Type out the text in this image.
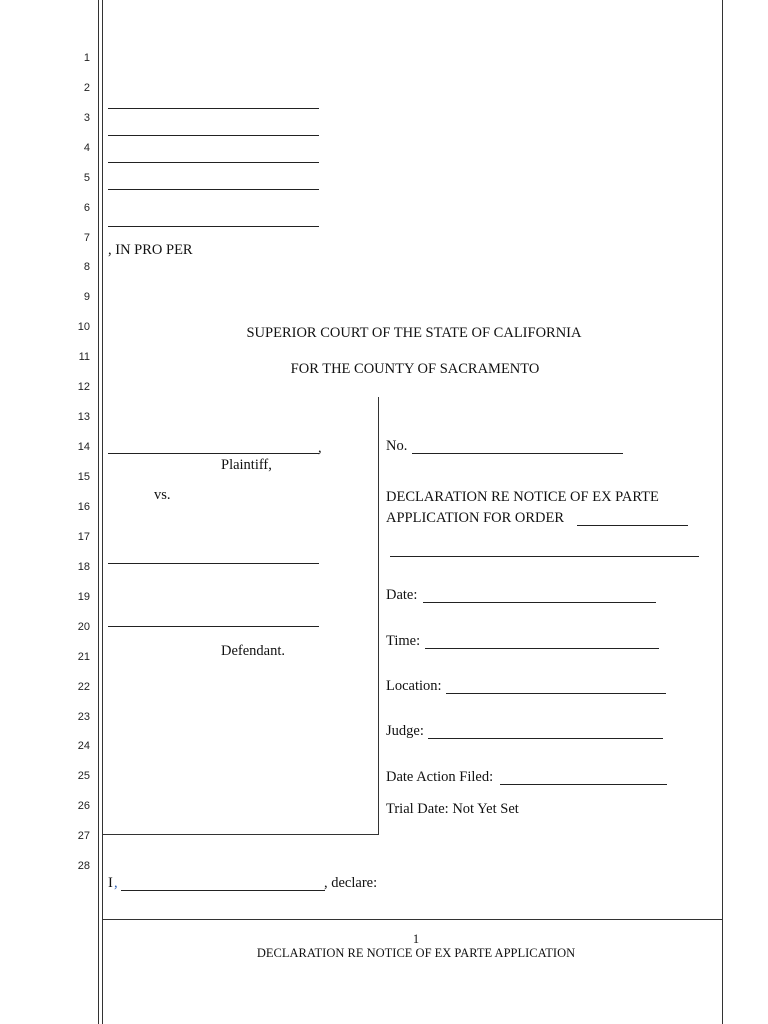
1
2
3
4
5
6
7
8
9
10
11
12
13
14
15
16
17
18
19
20
21
22
23
24
25
26
27
28
, IN PRO PER
SUPERIOR COURT OF THE STATE OF CALIFORNIA
FOR THE COUNTY OF SACRAMENTO
,
Plaintiff,
vs.
Defendant.
No.
DECLARATION RE NOTICE OF EX PARTE
APPLICATION FOR ORDER
Date:
Time:
Location:
Judge:
Date Action Filed:
Trial Date: Not Yet Set
I ,	, declare:
1
DECLARATION RE NOTICE OF EX PARTE APPLICATION
